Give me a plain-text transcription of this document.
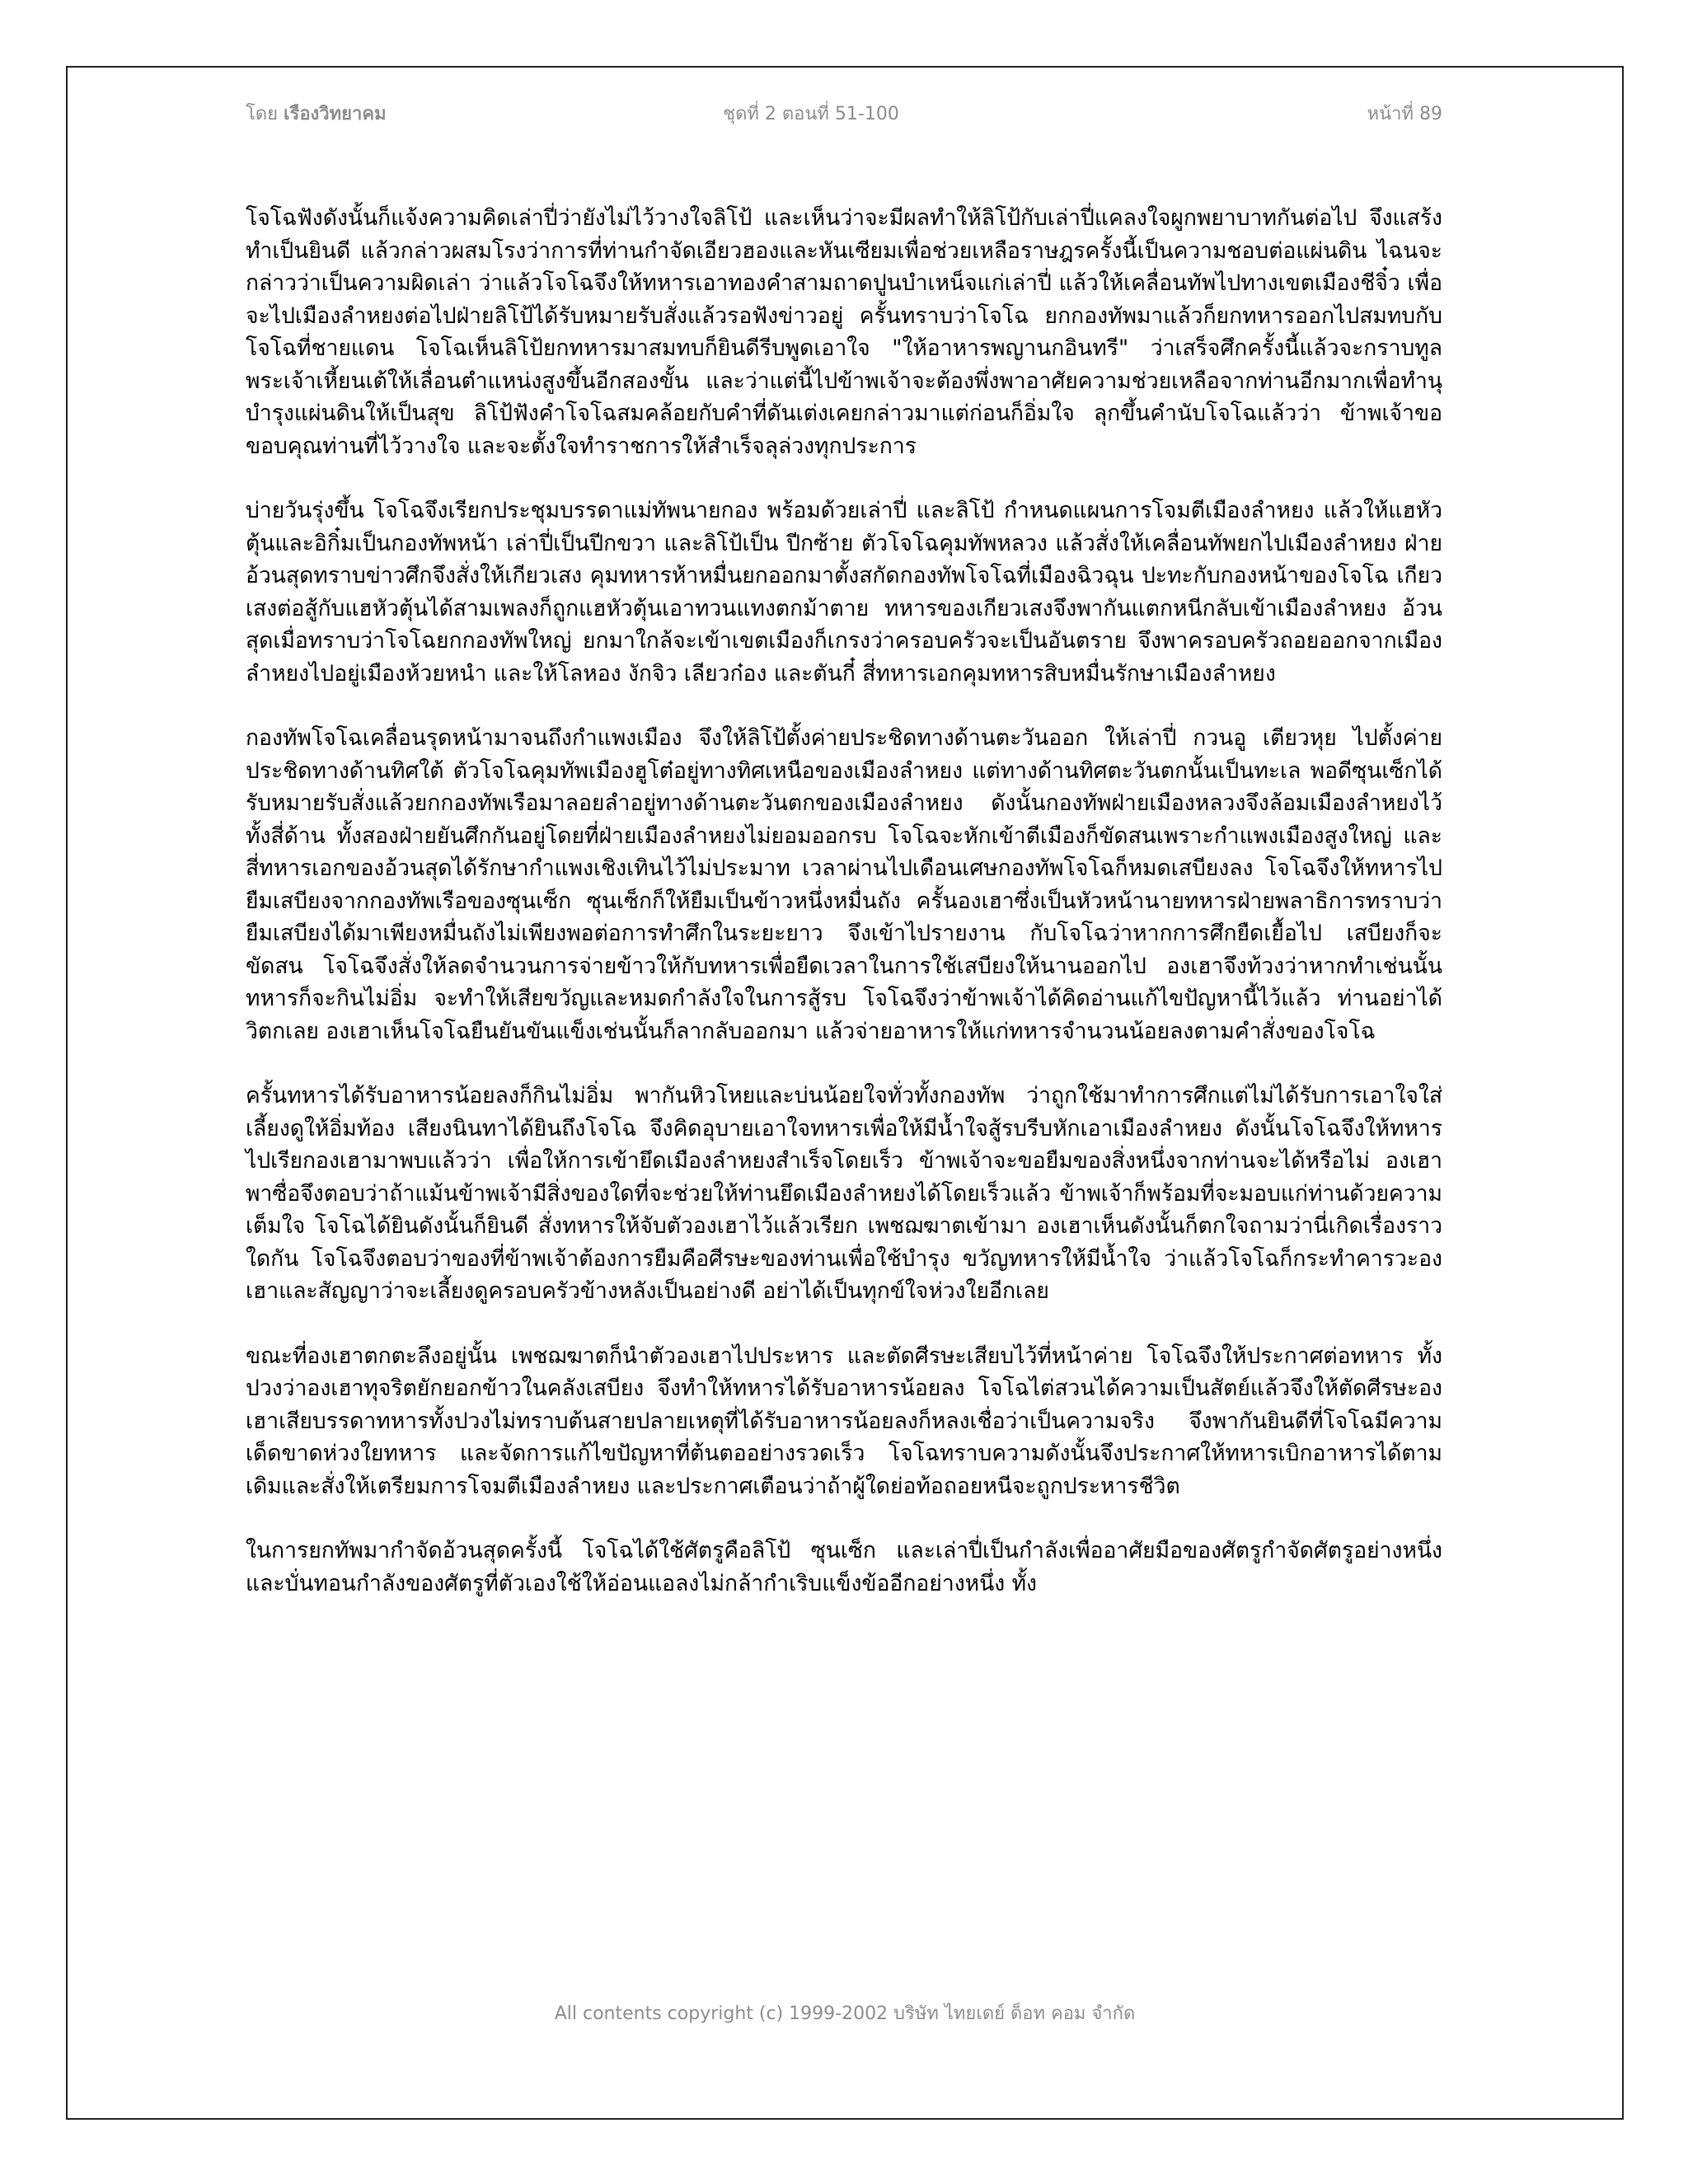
โดย เรืองวิทยาคม	ชุดที่ 2 ตอนที่ 51-100	หน้าที่ 89

โจโฉฟังดังนั้นก็แจ้งความคิดเล่าปี่ว่ายังไม่ไว้วางใจลิโป้ และเห็นว่าจะมีผลทำให้ลิโป้กับเล่าปี่แคลงใจผูกพยาบาทกันต่อไป จึงแสร้งทำเป็นยินดี แล้วกล่าวผสมโรงว่าการที่ท่านกำจัดเอียวฮองและหันเซียมเพื่อช่วยเหลือราษฎรครั้งนี้เป็นความชอบต่อแผ่นดิน ไฉนจะกล่าวว่าเป็นความผิดเล่า ว่าแล้วโจโฉจึงให้ทหารเอาทองคำสามถาดปูนบำเหน็จแก่เล่าปี่ แล้วให้เคลื่อนทัพไปทางเขตเมืองชีจิ๋ว เพื่อจะไปเมืองลำหยงต่อไปฝ่ายลิโป้ได้รับหมายรับสั่งแล้วรอฟังข่าวอยู่ ครั้นทราบว่าโจโฉ ยกกองทัพมาแล้วก็ยกทหารออกไปสมทบกับโจโฉที่ชายแดน โจโฉเห็นลิโป้ยกทหารมาสมทบก็ยินดีรีบพูดเอาใจ "ให้อาหารพญานกอินทรี" ว่าเสร็จศึกครั้งนี้แล้วจะกราบทูลพระเจ้าเหี้ยนเต้ให้เลื่อนตำแหน่งสูงขึ้นอีกสองขั้น และว่าแต่นี้ไปข้าพเจ้าจะต้องพึ่งพาอาศัยความช่วยเหลือจากท่านอีกมากเพื่อทำนุบำรุงแผ่นดินให้เป็นสุข ลิโป้ฟังคำโจโฉสมคล้อยกับคำที่ดันเต่งเคยกล่าวมาแต่ก่อนก็อิ่มใจ ลุกขึ้นคำนับโจโฉแล้วว่า ข้าพเจ้าขอขอบคุณท่านที่ไว้วางใจ และจะตั้งใจทำราชการให้สำเร็จลุล่วงทุกประการ

บ่ายวันรุ่งขึ้น โจโฉจึงเรียกประชุมบรรดาแม่ทัพนายกอง พร้อมด้วยเล่าปี่ และลิโป้ กำหนดแผนการโจมตีเมืองลำหยง แล้วให้แฮหัวตุ้นและอิกิ๋มเป็นกองทัพหน้า เล่าปี่เป็นปีกขวา และลิโป้เป็น ปีกซ้าย ตัวโจโฉคุมทัพหลวง แล้วสั่งให้เคลื่อนทัพยกไปเมืองลำหยง ฝ่ายอ้วนสุดทราบข่าวศึกจึงสั่งให้เกียวเสง คุมทหารห้าหมื่นยกออกมาตั้งสกัดกองทัพโจโฉที่เมืองฉิวฉุน ปะทะกับกองหน้าของโจโฉ เกียวเสงต่อสู้กับแฮหัวตุ้นได้สามเพลงก็ถูกแฮหัวตุ้นเอาทวนแทงตกม้าตาย ทหารของเกียวเสงจึงพากันแตกหนีกลับเข้าเมืองลำหยง อ้วนสุดเมื่อทราบว่าโจโฉยกกองทัพใหญ่ ยกมาใกล้จะเข้าเขตเมืองก็เกรงว่าครอบครัวจะเป็นอันตราย จึงพาครอบครัวถอยออกจากเมืองลำหยงไปอยู่เมืองห้วยหนำ และให้โลหอง งักจิว เลียวก๋อง และตันกี๋ สี่ทหารเอกคุมทหารสิบหมื่นรักษาเมืองลำหยง

กองทัพโจโฉเคลื่อนรุดหน้ามาจนถึงกำแพงเมือง จึงให้ลิโป้ตั้งค่ายประชิดทางด้านตะวันออก ให้เล่าปี่ กวนอู เตียวหุย ไปตั้งค่ายประชิดทางด้านทิศใต้ ตัวโจโฉคุมทัพเมืองฮูโต๋อยู่ทางทิศเหนือของเมืองลำหยง แต่ทางด้านทิศตะวันตกนั้นเป็นทะเล พอดีซุนเซ็กได้รับหมายรับสั่งแล้วยกกองทัพเรือมาลอยลำอยู่ทางด้านตะวันตกของเมืองลำหยง ดังนั้นกองทัพฝ่ายเมืองหลวงจึงล้อมเมืองลำหยงไว้ทั้งสี่ด้าน ทั้งสองฝ่ายยันศึกกันอยู่โดยที่ฝ่ายเมืองลำหยงไม่ยอมออกรบ โจโฉจะหักเข้าตีเมืองก็ขัดสนเพราะกำแพงเมืองสูงใหญ่ และสี่ทหารเอกของอ้วนสุดได้รักษากำแพงเชิงเทินไว้ไม่ประมาท เวลาผ่านไปเดือนเศษกองทัพโจโฉก็หมดเสบียงลง โจโฉจึงให้ทหารไปยืมเสบียงจากกองทัพเรือของซุนเซ็ก ซุนเซ็กก็ให้ยืมเป็นข้าวหนึ่งหมื่นถัง ครั้นองเฮาซึ่งเป็นหัวหน้านายทหารฝ่ายพลาธิการทราบว่ายืมเสบียงได้มาเพียงหมื่นถังไม่เพียงพอต่อการทำศึกในระยะยาว จึงเข้าไปรายงาน กับโจโฉว่าหากการศึกยืดเยื้อไป เสบียงก็จะขัดสน โจโฉจึงสั่งให้ลดจำนวนการจ่ายข้าวให้กับทหารเพื่อยืดเวลาในการใช้เสบียงให้นานออกไป องเฮาจึงท้วงว่าหากทำเช่นนั้นทหารก็จะกินไม่อิ่ม จะทำให้เสียขวัญและหมดกำลังใจในการสู้รบ โจโฉจึงว่าข้าพเจ้าได้คิดอ่านแก้ไขปัญหานี้ไว้แล้ว ท่านอย่าได้วิตกเลย องเฮาเห็นโจโฉยืนยันขันแข็งเช่นนั้นก็ลากลับออกมา แล้วจ่ายอาหารให้แก่ทหารจำนวนน้อยลงตามคำสั่งของโจโฉ

ครั้นทหารได้รับอาหารน้อยลงก็กินไม่อิ่ม พากันหิวโหยและบ่นน้อยใจทั่วทั้งกองทัพ ว่าถูกใช้มาทำการศึกแต่ไม่ได้รับการเอาใจใส่เลี้ยงดูให้อิ่มท้อง เสียงนินทาได้ยินถึงโจโฉ จึงคิดอุบายเอาใจทหารเพื่อให้มีน้ำใจสู้รบรีบหักเอาเมืองลำหยง ดังนั้นโจโฉจึงให้ทหารไปเรียกองเฮามาพบแล้วว่า เพื่อให้การเข้ายึดเมืองลำหยงสำเร็จโดยเร็ว ข้าพเจ้าจะขอยืมของสิ่งหนึ่งจากท่านจะได้หรือไม่ องเฮาพาซื่อจึงตอบว่าถ้าแม้นข้าพเจ้ามีสิ่งของใดที่จะช่วยให้ท่านยึดเมืองลำหยงได้โดยเร็วแล้ว ข้าพเจ้าก็พร้อมที่จะมอบแก่ท่านด้วยความเต็มใจ โจโฉได้ยินดังนั้นก็ยินดี สั่งทหารให้จับตัวองเฮาไว้แล้วเรียก เพชฌฆาตเข้ามา องเฮาเห็นดังนั้นก็ตกใจถามว่านี่เกิดเรื่องราวใดกัน โจโฉจึงตอบว่าของที่ข้าพเจ้าต้องการยืมคือศีรษะของท่านเพื่อใช้บำรุง ขวัญทหารให้มีน้ำใจ ว่าแล้วโจโฉก็กระทำคารวะองเฮาและสัญญาว่าจะเลี้ยงดูครอบครัวข้างหลังเป็นอย่างดี อย่าได้เป็นทุกข์ใจห่วงใยอีกเลย

ขณะที่องเฮาตกตะลึงอยู่นั้น เพชฌฆาตก็นำตัวองเฮาไปประหาร และตัดศีรษะเสียบไว้ที่หน้าค่าย โจโฉจึงให้ประกาศต่อทหาร ทั้งปวงว่าองเฮาทุจริตยักยอกข้าวในคลังเสบียง จึงทำให้ทหารได้รับอาหารน้อยลง โจโฉไต่สวนได้ความเป็นสัตย์แล้วจึงให้ตัดศีรษะองเฮาเสียบรรดาทหารทั้งปวงไม่ทราบต้นสายปลายเหตุที่ได้รับอาหารน้อยลงก็หลงเชื่อว่าเป็นความจริง จึงพากันยินดีที่โจโฉมีความเด็ดขาดห่วงใยทหาร และจัดการแก้ไขปัญหาที่ต้นตออย่างรวดเร็ว โจโฉทราบความดังนั้นจึงประกาศให้ทหารเบิกอาหารได้ตามเดิมและสั่งให้เตรียมการโจมตีเมืองลำหยง และประกาศเตือนว่าถ้าผู้ใดย่อท้อถอยหนีจะถูกประหารชีวิต

ในการยกทัพมากำจัดอ้วนสุดครั้งนี้ โจโฉได้ใช้ศัตรูคือลิโป้ ซุนเซ็ก และเล่าปี่เป็นกำลังเพื่ออาศัยมือของศัตรูกำจัดศัตรูอย่างหนึ่ง และบั่นทอนกำลังของศัตรูที่ตัวเองใช้ให้อ่อนแอลงไม่กล้ากำเริบแข็งข้ออีกอย่างหนึ่ง ทั้ง

All contents copyright (c) 1999-2002 บริษัท ไทยเดย์ ด็อท คอม จำกัด
